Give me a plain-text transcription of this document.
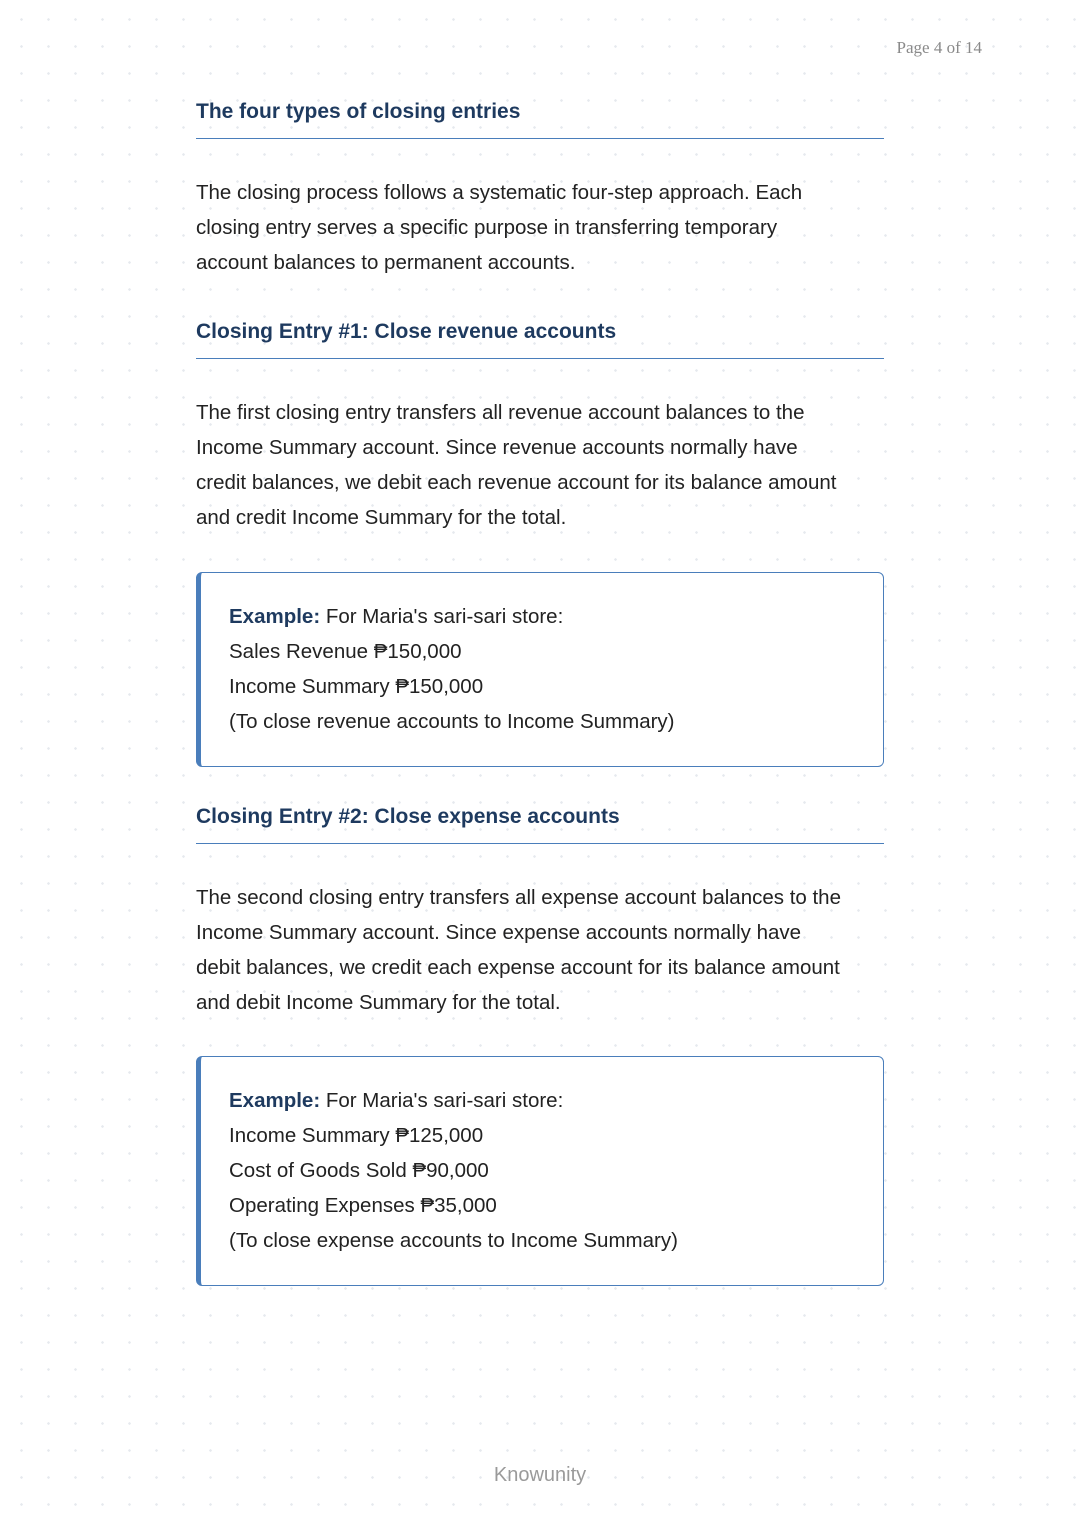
Page 4 of 14
The four types of closing entries

The closing process follows a systematic four-step approach. Each
closing entry serves a specific purpose in transferring temporary
account balances to permanent accounts.

Closing Entry #1: Close revenue accounts

The first closing entry transfers all revenue account balances to the
Income Summary account. Since revenue accounts normally have
credit balances, we debit each revenue account for its balance amount
and credit Income Summary for the total.

Example: For Maria's sari-sari store:
Sales Revenue ₱150,000
Income Summary ₱150,000
(To close revenue accounts to Income Summary)
Closing Entry #2: Close expense accounts

The second closing entry transfers all expense account balances to the
Income Summary account. Since expense accounts normally have
debit balances, we credit each expense account for its balance amount
and debit Income Summary for the total.

Example: For Maria's sari-sari store:
Income Summary ₱125,000
Cost of Goods Sold ₱90,000
Operating Expenses ₱35,000
(To close expense accounts to Income Summary)
Knowunity
